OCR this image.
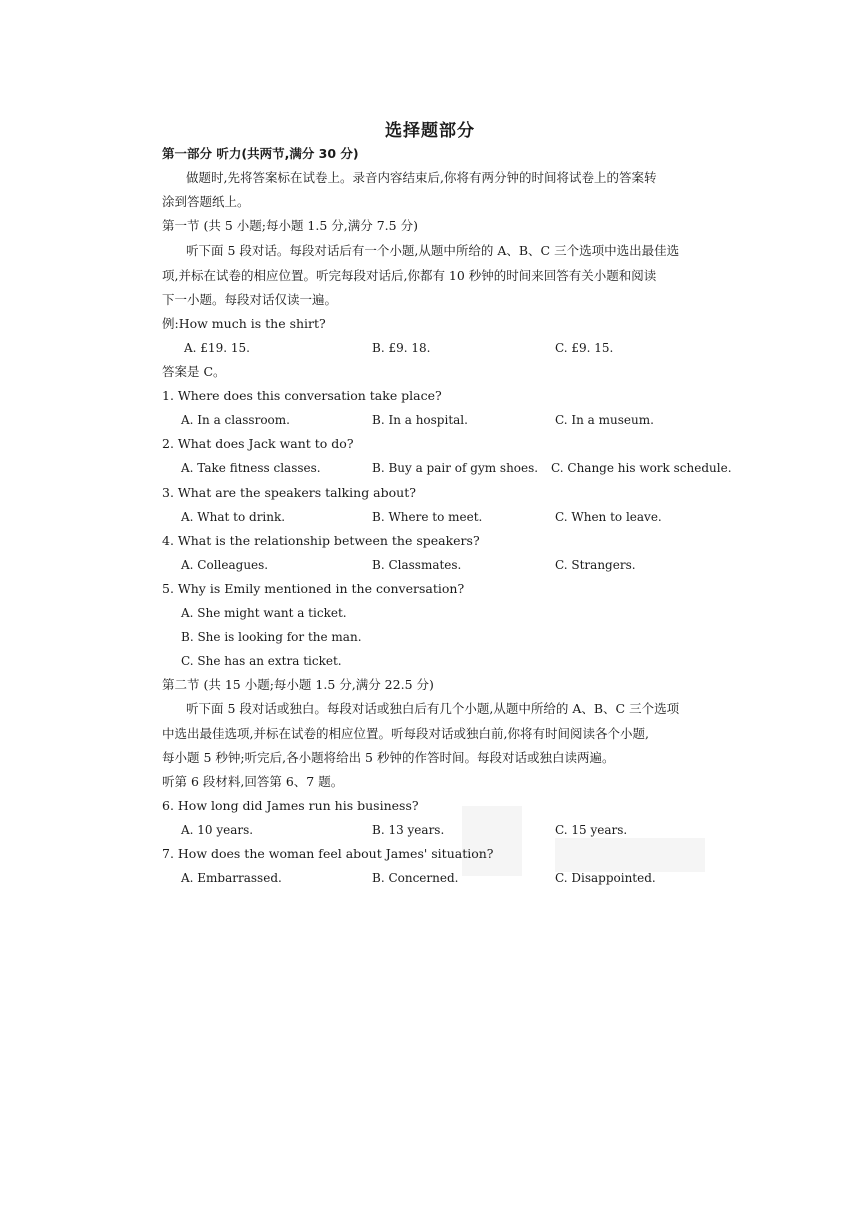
选择题部分
第一部分 听力(共两节,满分 30 分)
做题时,先将答案标在试卷上。录音内容结束后,你将有两分钟的时间将试卷上的答案转
涂到答题纸上。
第一节 (共 5 小题;每小题 1.5 分,满分 7.5 分)
听下面 5 段对话。每段对话后有一个小题,从题中所给的 A、B、C 三个选项中选出最佳选
项,并标在试卷的相应位置。听完每段对话后,你都有 10 秒钟的时间来回答有关小题和阅读
下一小题。每段对话仅读一遍。
例:How much is the shirt?
A. £19. 15.	B. £9. 18.	C. £9. 15.
答案是 C。
1. Where does this conversation take place?
A. In a classroom.	B. In a hospital.	C. In a museum.
2. What does Jack want to do?
A. Take fitness classes.	B. Buy a pair of gym shoes. C. Change his work schedule.
3. What are the speakers talking about?
A. What to drink.	B. Where to meet.	C. When to leave.
4. What is the relationship between the speakers?
A. Colleagues.	B. Classmates.	C. Strangers.
5. Why is Emily mentioned in the conversation?
A. She might want a ticket.
B. She is looking for the man.
C. She has an extra ticket.
第二节 (共 15 小题;每小题 1.5 分,满分 22.5 分)
听下面 5 段对话或独白。每段对话或独白后有几个小题,从题中所给的 A、B、C 三个选项
中选出最佳选项,并标在试卷的相应位置。听每段对话或独白前,你将有时间阅读各个小题,
每小题 5 秒钟;听完后,各小题将给出 5 秒钟的作答时间。每段对话或独白读两遍。
听第 6 段材料,回答第 6、7 题。
6. How long did James run his business?
A. 10 years.	B. 13 years.	C. 15 years.
7. How does the woman feel about James' situation?
A. Embarrassed.	B. Concerned.	C. Disappointed.
